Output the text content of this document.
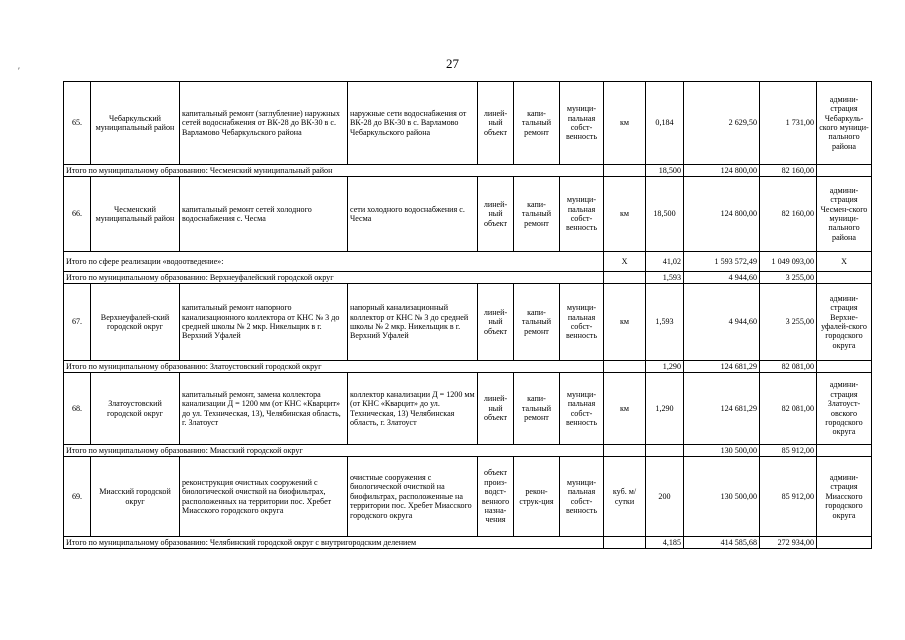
27
′
65.	Чебаркульский муниципальный район	капитальный ремонт (заглубление) наружных сетей водоснабжения от ВК-28 до ВК-30 в с. Варламово Чебаркульского района	наружные сети водоснабжения от ВК-28 до ВК-30 в с. Варламово Чебаркульского района	линей-ный объект	капи-тальный ремонт	муници-пальная собст-венность	км	0,184	2 629,50	1 731,00	админи-страция Чебаркуль-ского муници-пального района
Итого по муниципальному образованию: Чесменский муниципальный район								18,500	124 800,00	82 160,00	
66.	Чесменский муниципальный район	капитальный ремонт сетей холодного водоснабжения с. Чесма	сети холодного водоснабжения с. Чесма	линей-ный объект	капи-тальный ремонт	муници-пальная собст-венность	км	18,500	124 800,00	82 160,00	админи-страция Чесмен-ского муници-пального района
Итого по сфере реализации «водоотведение»:							X	41,02	1 593 572,49	1 049 093,00	X
Итого по муниципальному образованию: Верхнеуфалейский городской округ								1,593	4 944,60	3 255,00	
67.	Верхнеуфалей-ский городской округ	капитальный ремонт напорного канализационного коллектора от КНС № 3 до средней школы № 2 мкр. Никельщик в г. Верхний Уфалей	напорный канализационный коллектор от КНС № 3 до средней школы № 2 мкр. Никельщик в г. Верхний Уфалей	линей-ный объект	капи-тальный ремонт	муници-пальная собст-венность	км	1,593	4 944,60	3 255,00	админи-страция Верхне-уфалей-ского городского округа
Итого по муниципальному образованию: Златоустовский городской округ								1,290	124 681,29	82 081,00	
68.	Златоустовский городской округ	капитальный ремонт, замена коллектора канализации Д = 1200 мм (от КНС «Кварцит» до ул. Техническая, 13), Челябинская область, г. Златоуст	коллектор канализации Д = 1200 мм (от КНС «Кварцит» до ул. Техническая, 13) Челябинская область, г. Златоуст	линей-ный объект	капи-тальный ремонт	муници-пальная собст-венность	км	1,290	124 681,29	82 081,00	админи-страция Златоуст-овского городского округа
Итого по муниципальному образованию: Миасский городской округ									130 500,00	85 912,00	
69.	Миасский городской округ	реконструкция очистных сооружений с биологической очисткой на биофильтрах, расположенных на территории пос. Хребет Миасского городского округа	очистные сооружения с биологической очисткой на биофильтрах, расположенные на территории пос. Хребет Миасского городского округа	объект произ-водст-венного назна-чения	рекон-струк-ция	муници-пальная собст-венность	куб. м/сутки	200	130 500,00	85 912,00	админи-страция Миасского городского округа
Итого по муниципальному образованию: Челябинский городской округ с внутригородским делением								4,185	414 585,68	272 934,00	
